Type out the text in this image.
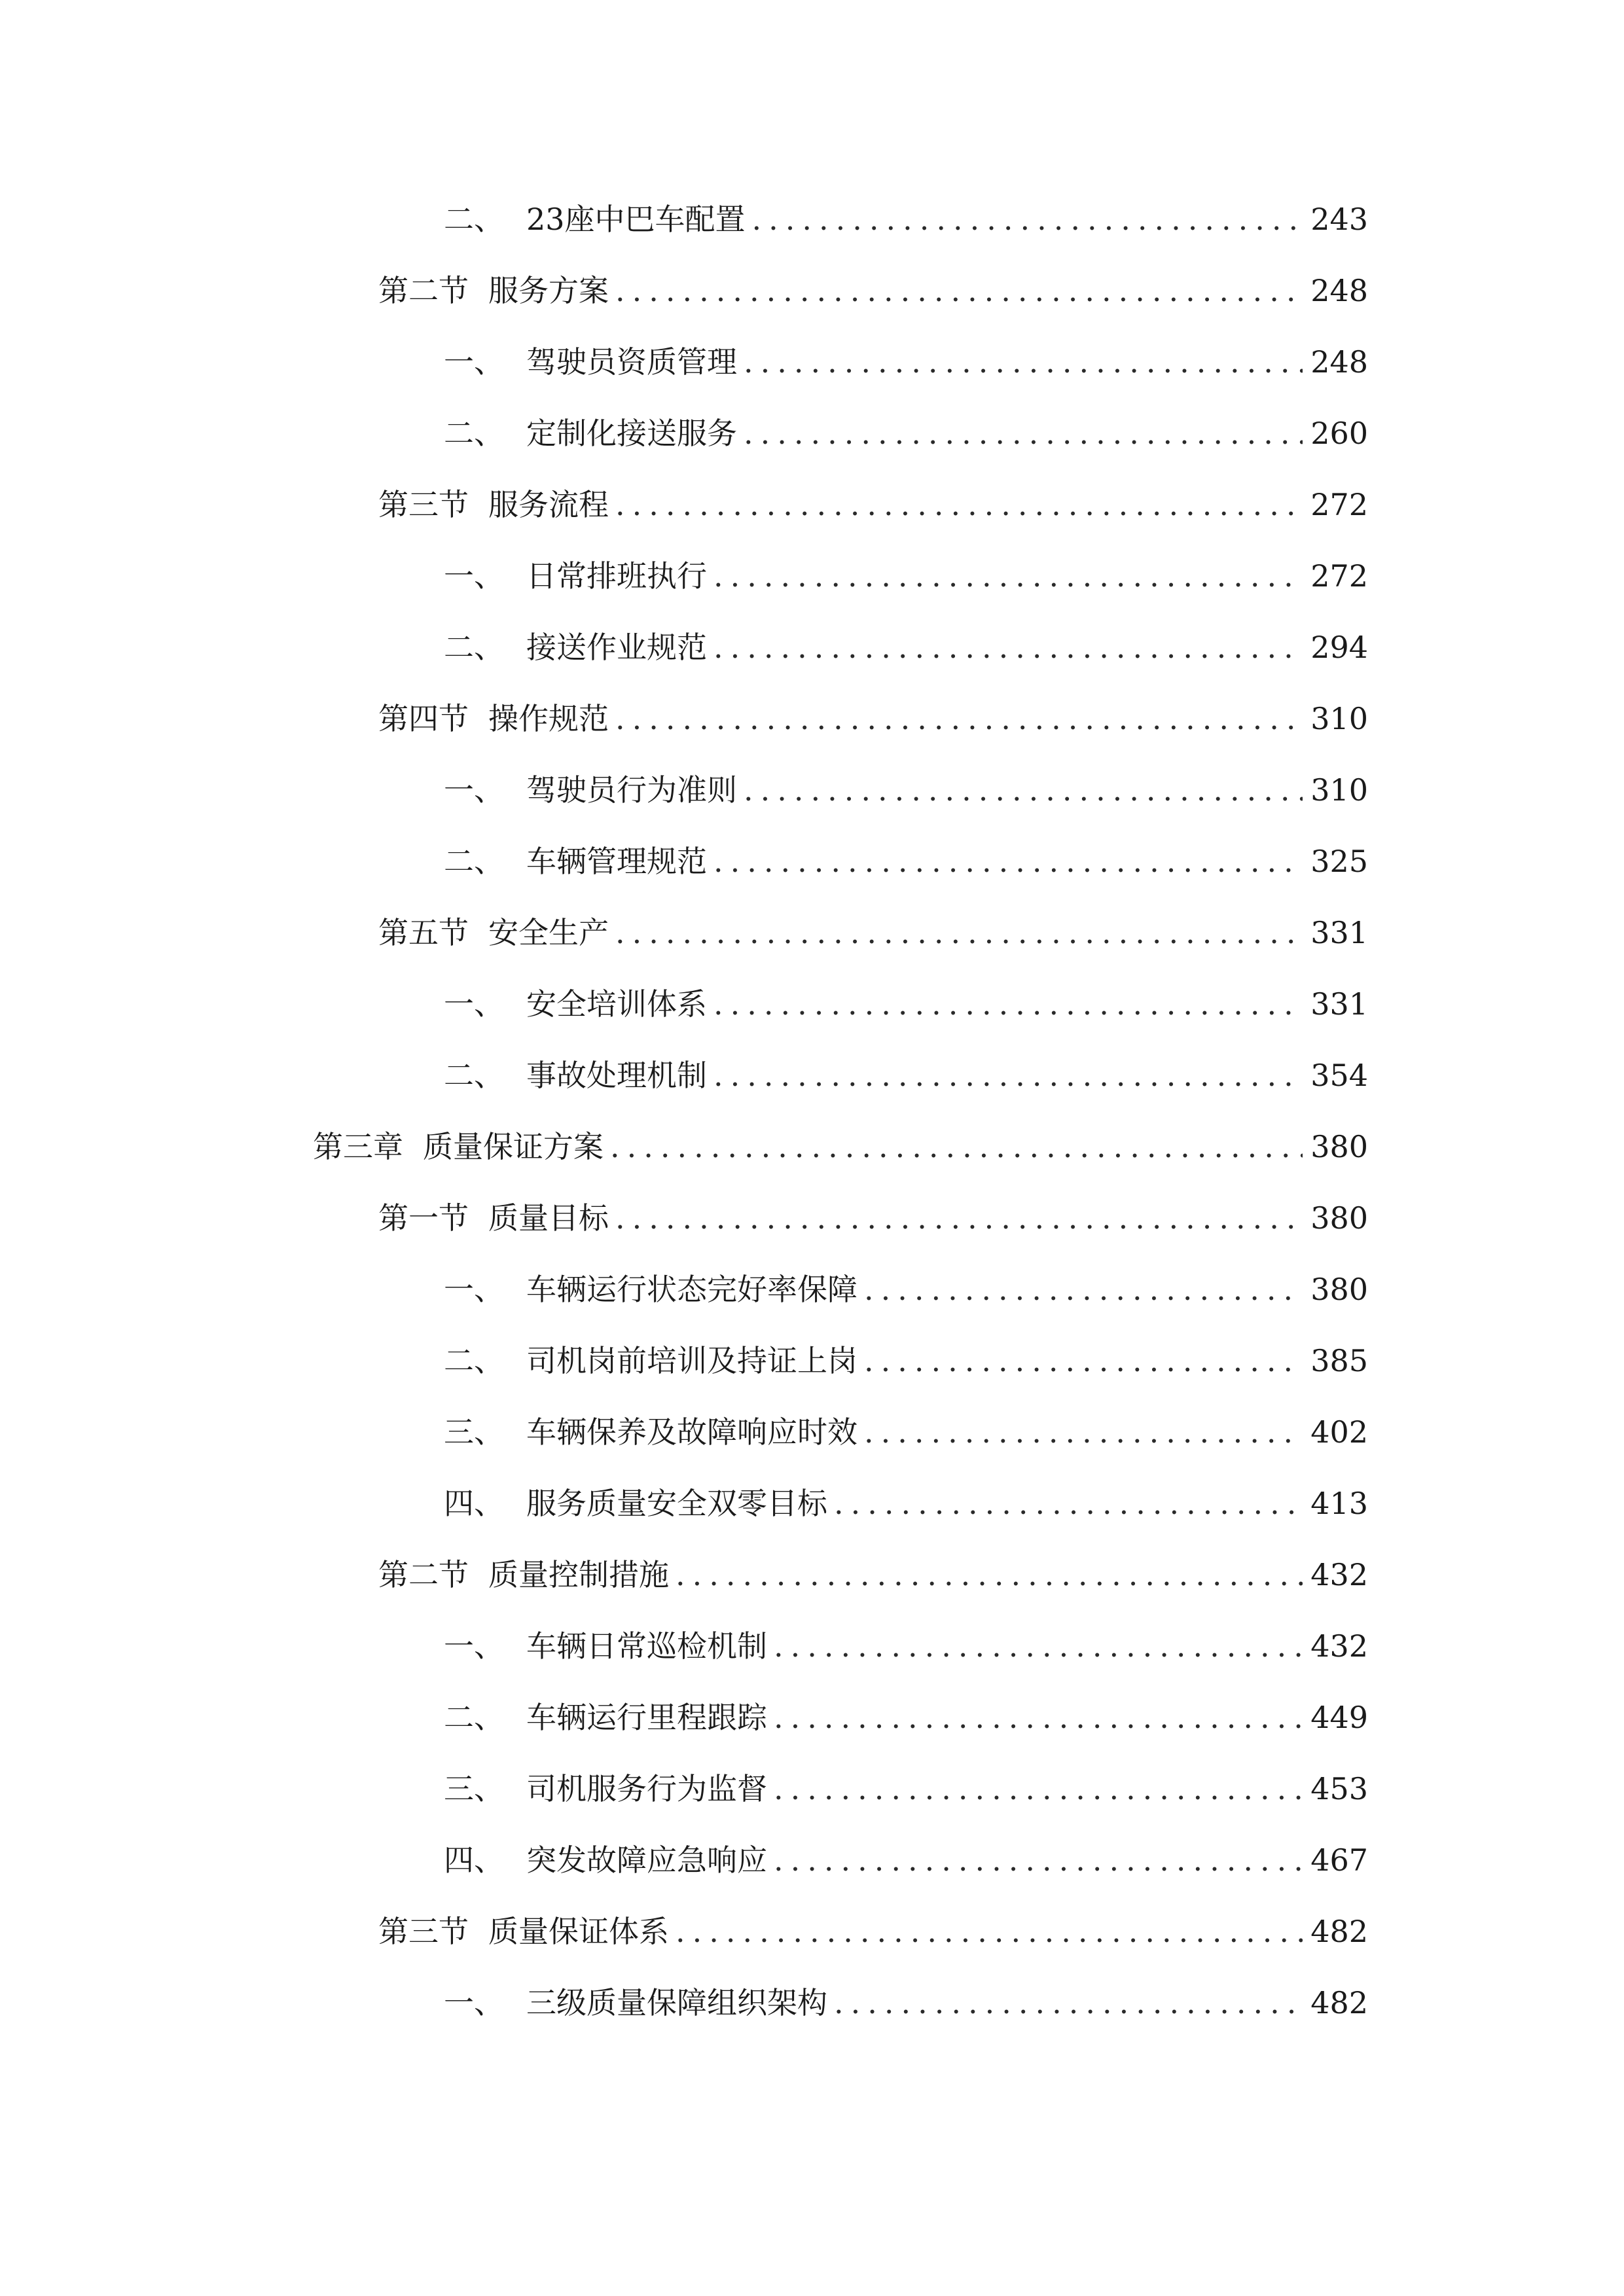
二、 23座中巴车配置 .....	243
第二节 服务方案 .....	248
一、 驾驶员资质管理 .....	248
二、 定制化接送服务 .....	260
第三节 服务流程 .....	272
一、 日常排班执行 .....	272
二、 接送作业规范 .....	294
第四节 操作规范 .....	310
一、 驾驶员行为准则 .....	310
二、 车辆管理规范 .....	325
第五节 安全生产 .....	331
一、 安全培训体系 .....	331
二、 事故处理机制 .....	354
第三章 质量保证方案 .....	380
第一节 质量目标 .....	380
一、 车辆运行状态完好率保障 .....	380
二、 司机岗前培训及持证上岗 .....	385
三、 车辆保养及故障响应时效 .....	402
四、 服务质量安全双零目标 .....	413
第二节 质量控制措施 .....	432
一、 车辆日常巡检机制 .....	432
二、 车辆运行里程跟踪 .....	449
三、 司机服务行为监督 .....	453
四、 突发故障应急响应 .....	467
第三节 质量保证体系 .....	482
一、 三级质量保障组织架构 .....	482
